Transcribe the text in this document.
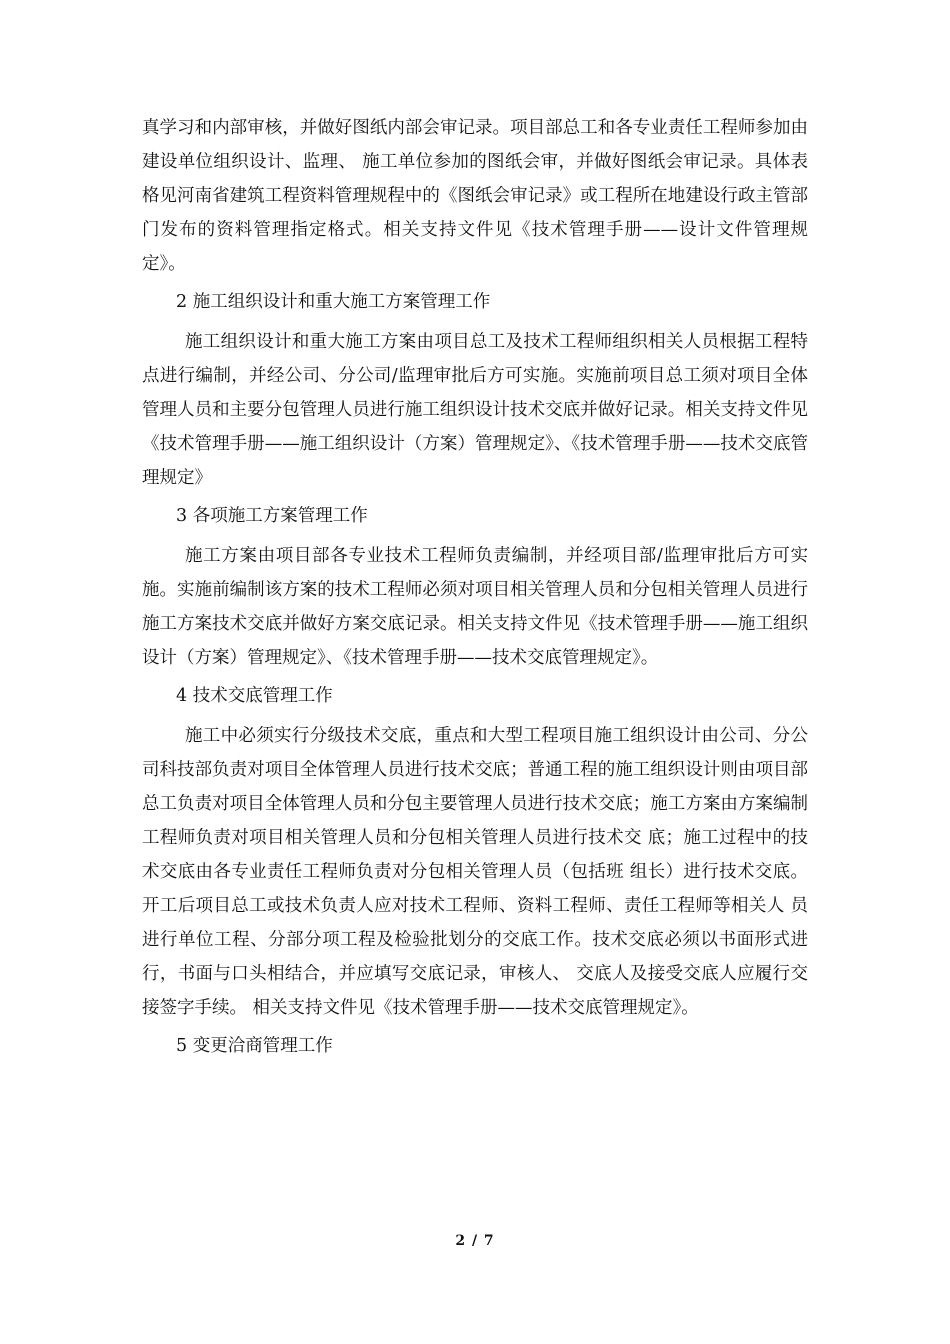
真学习和内部审核，并做好图纸内部会审记录。项目部总工和各专业责任工程师参加由建设单位组织设计、监理、 施工单位参加的图纸会审，并做好图纸会审记录。具体表格见河南省建筑工程资料管理规程中的《图纸会审记录》或工程所在地建设行政主管部门发布的资料管理指定格式。相关支持文件见《技术管理手册——设计文件管理规定》。

2 施工组织设计和重大施工方案管理工作

施工组织设计和重大施工方案由项目总工及技术工程师组织相关人员根据工程特点进行编制，并经公司、分公司/监理审批后方可实施。实施前项目总工须对项目全体管理人员和主要分包管理人员进行施工组织设计技术交底并做好记录。相关支持文件见《技术管理手册——施工组织设计（方案）管理规定》、《技术管理手册——技术交底管理规定》

3 各项施工方案管理工作

施工方案由项目部各专业技术工程师负责编制，并经项目部/监理审批后方可实施。实施前编制该方案的技术工程师必须对项目相关管理人员和分包相关管理人员进行施工方案技术交底并做好方案交底记录。相关支持文件见《技术管理手册——施工组织设计（方案）管理规定》、《技术管理手册——技术交底管理规定》。

4 技术交底管理工作

施工中必须实行分级技术交底，重点和大型工程项目施工组织设计由公司、分公司科技部负责对项目全体管理人员进行技术交底；普通工程的施工组织设计则由项目部总工负责对项目全体管理人员和分包主要管理人员进行技术交底；施工方案由方案编制工程师负责对项目相关管理人员和分包相关管理人员进行技术交 底；施工过程中的技术交底由各专业责任工程师负责对分包相关管理人员（包括班 组长）进行技术交底。开工后项目总工或技术负责人应对技术工程师、资料工程师、责任工程师等相关人 员进行单位工程、分部分项工程及检验批划分的交底工作。技术交底必须以书面形式进行，书面与口头相结合，并应填写交底记录，审核人、 交底人及接受交底人应履行交接签字手续。 相关支持文件见《技术管理手册——技术交底管理规定》。

5 变更洽商管理工作

2 / 7
